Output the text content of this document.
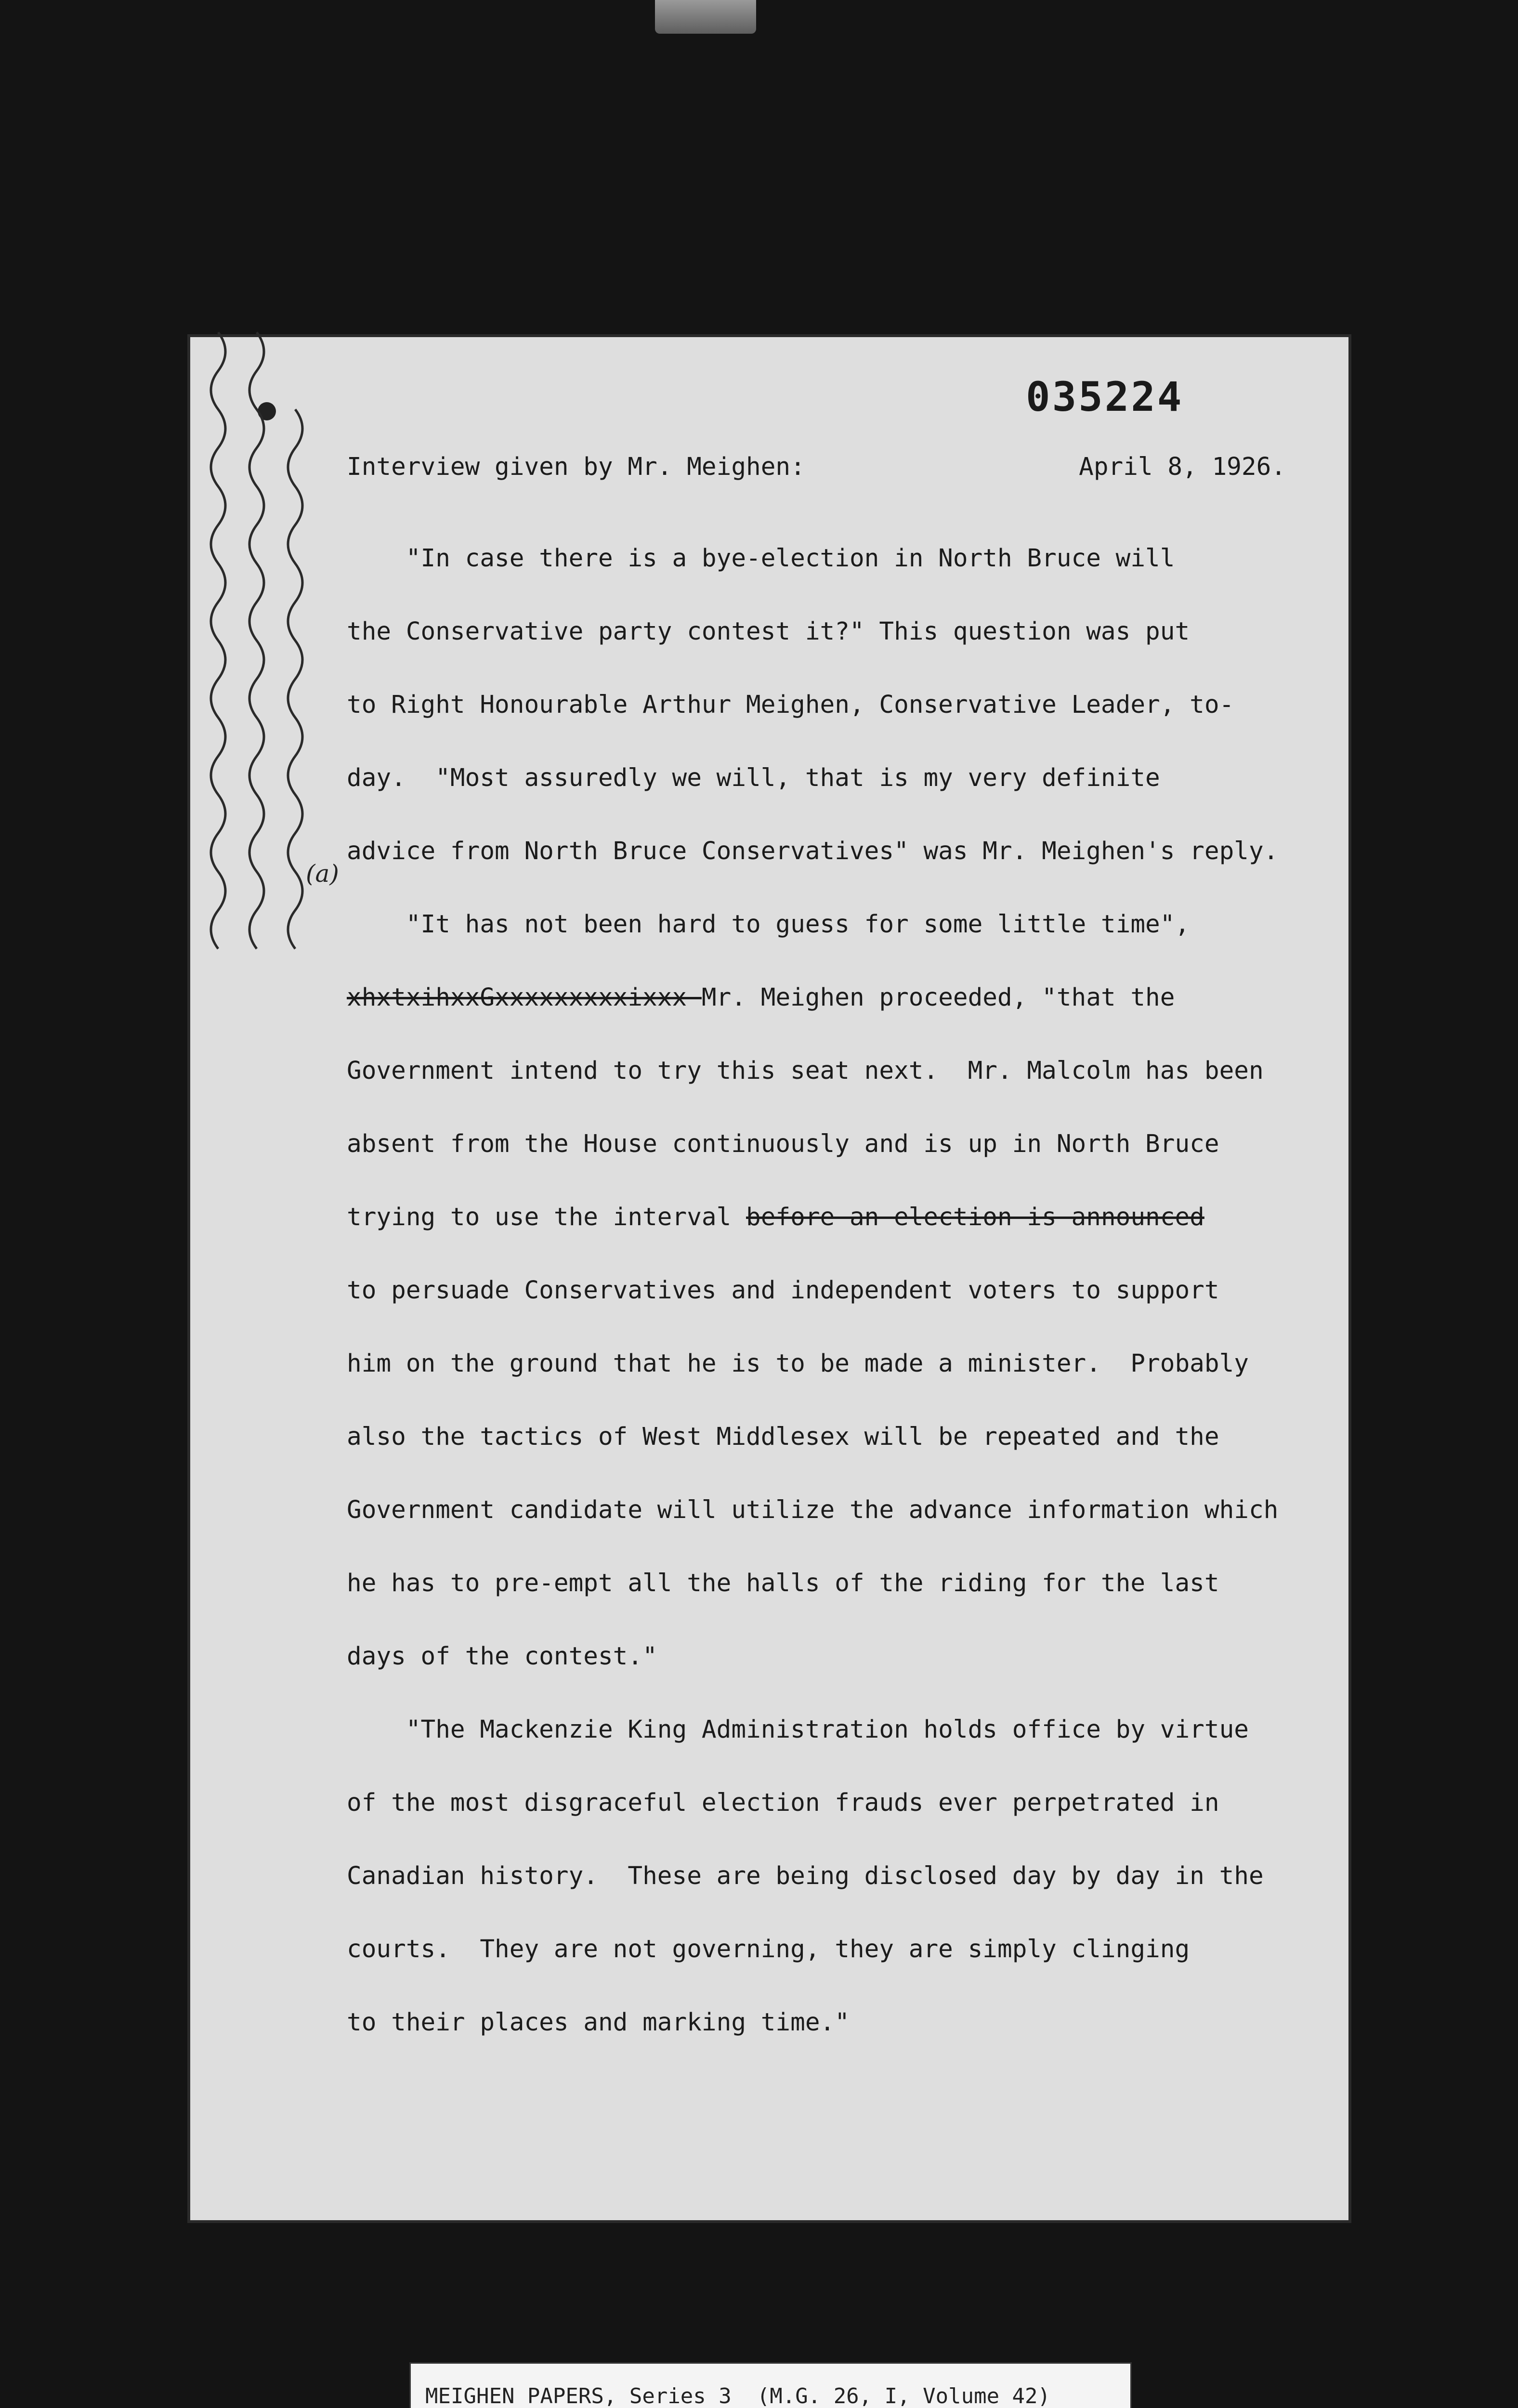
035224
Interview given by Mr. Meighen:	April 8, 1926.
(a)
"In case there is a bye-election in North Bruce will
the Conservative party contest it?" This question was put
to Right Honourable Arthur Meighen, Conservative Leader, to-
day.  "Most assuredly we will, that is my very definite
advice from North Bruce Conservatives" was Mr. Meighen's reply.
"It has not been hard to guess for some little time",
xhxtxihxxGxxxxxxxxxixxx Mr. Meighen proceeded, "that the
Government intend to try this seat next.  Mr. Malcolm has been
absent from the House continuously and is up in North Bruce
trying to use the interval before an election is announced
to persuade Conservatives and independent voters to support
him on the ground that he is to be made a minister.  Probably
also the tactics of West Middlesex will be repeated and the
Government candidate will utilize the advance information which
he has to pre-empt all the halls of the riding for the last
days of the contest."
"The Mackenzie King Administration holds office by virtue
of the most disgraceful election frauds ever perpetrated in
Canadian history.  These are being disclosed day by day in the
courts.  They are not governing, they are simply clinging
to their places and marking time."
MEIGHEN PAPERS, Series 3  (M.G. 26, I, Volume 42)
